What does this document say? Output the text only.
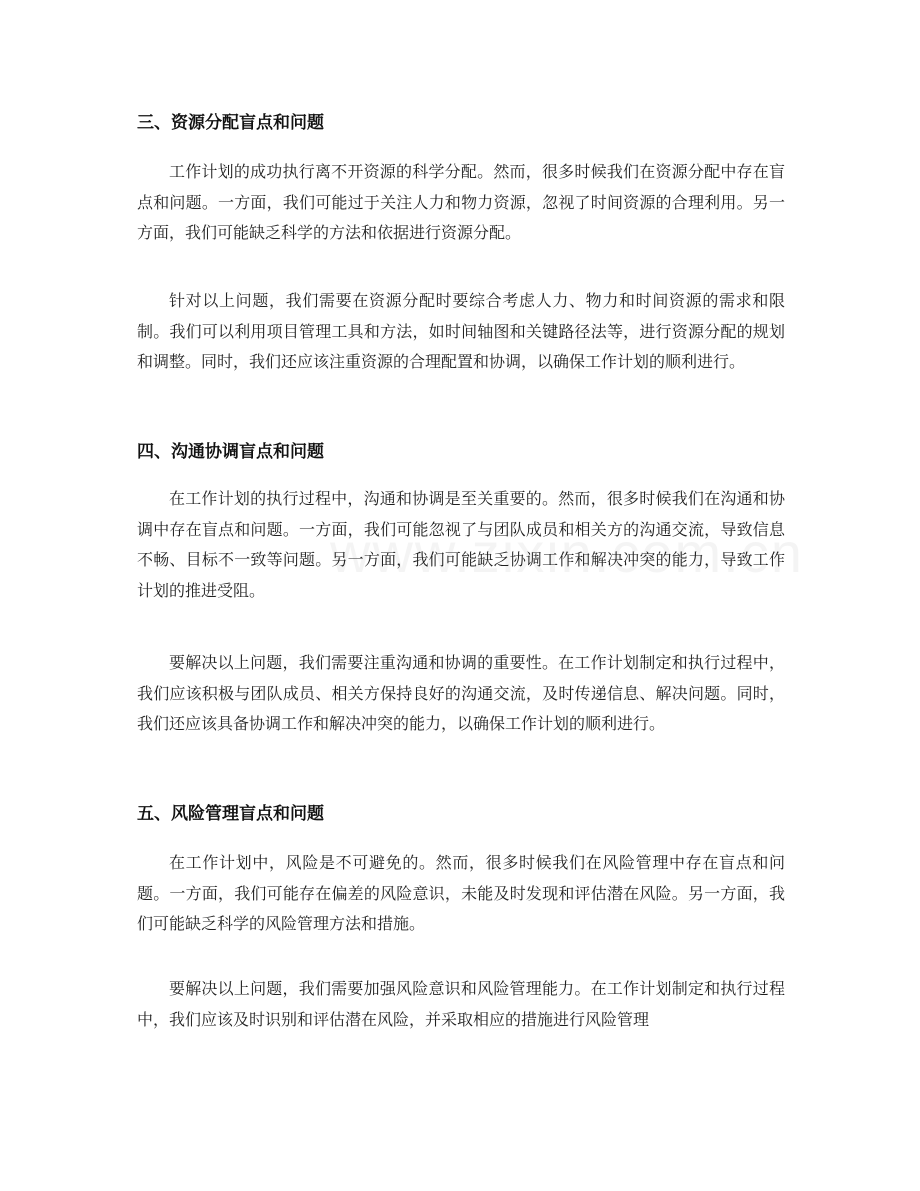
三、资源分配盲点和问题

工作计划的成功执行离不开资源的科学分配。然而，很多时候我们在资源分配中存在盲点和问题。一方面，我们可能过于关注人力和物力资源，忽视了时间资源的合理利用。另一方面，我们可能缺乏科学的方法和依据进行资源分配。

针对以上问题，我们需要在资源分配时要综合考虑人力、物力和时间资源的需求和限制。我们可以利用项目管理工具和方法，如时间轴图和关键路径法等，进行资源分配的规划和调整。同时，我们还应该注重资源的合理配置和协调，以确保工作计划的顺利进行。

四、沟通协调盲点和问题

在工作计划的执行过程中，沟通和协调是至关重要的。然而，很多时候我们在沟通和协调中存在盲点和问题。一方面，我们可能忽视了与团队成员和相关方的沟通交流，导致信息不畅、目标不一致等问题。另一方面，我们可能缺乏协调工作和解决冲突的能力，导致工作计划的推进受阻。

要解决以上问题，我们需要注重沟通和协调的重要性。在工作计划制定和执行过程中，我们应该积极与团队成员、相关方保持良好的沟通交流，及时传递信息、解决问题。同时，我们还应该具备协调工作和解决冲突的能力，以确保工作计划的顺利进行。

五、风险管理盲点和问题

在工作计划中，风险是不可避免的。然而，很多时候我们在风险管理中存在盲点和问题。一方面，我们可能存在偏差的风险意识，未能及时发现和评估潜在风险。另一方面，我们可能缺乏科学的风险管理方法和措施。

要解决以上问题，我们需要加强风险意识和风险管理能力。在工作计划制定和执行过程中，我们应该及时识别和评估潜在风险，并采取相应的措施进行风险管理
